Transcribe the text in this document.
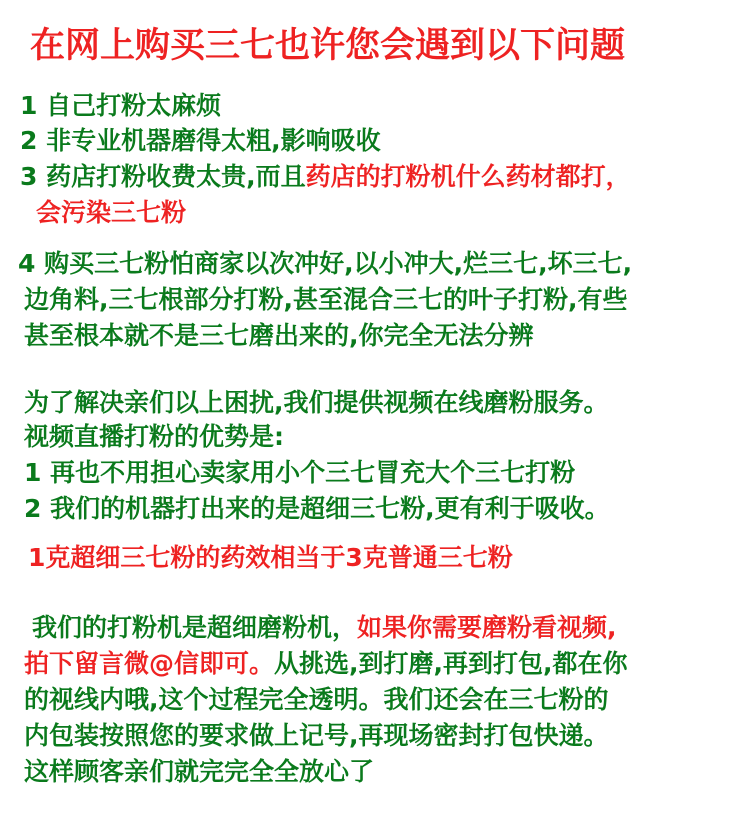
在网上购买三七也许您会遇到以下问题
1 自己打粉太麻烦
2 非专业机器磨得太粗,影响吸收
3 药店打粉收费太贵,而且药店的打粉机什么药材都打，
会污染三七粉
4 购买三七粉怕商家以次冲好,以小冲大,烂三七,坏三七,
边角料,三七根部分打粉,甚至混合三七的叶子打粉,有些
甚至根本就不是三七磨出来的,你完全无法分辨
为了解决亲们以上困扰,我们提供视频在线磨粉服务。
视频直播打粉的优势是:
1 再也不用担心卖家用小个三七冒充大个三七打粉
2 我们的机器打出来的是超细三七粉,更有利于吸收。
1克超细三七粉的药效相当于3克普通三七粉
我们的打粉机是超细磨粉机，如果你需要磨粉看视频,
拍下留言微@信即可。从挑选,到打磨,再到打包,都在你
的视线内哦,这个过程完全透明。我们还会在三七粉的
内包装按照您的要求做上记号,再现场密封打包快递。
这样顾客亲们就完完全全放心了
